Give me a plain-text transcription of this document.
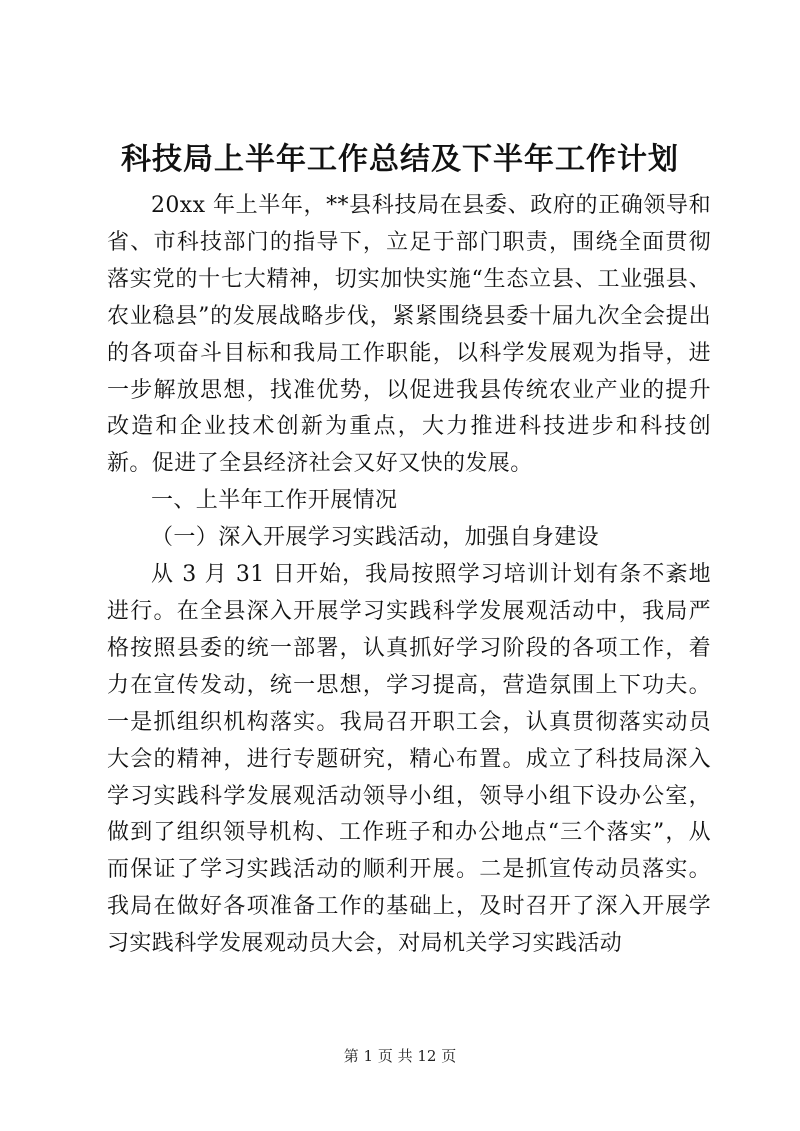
科技局上半年工作总结及下半年工作计划

20xx 年上半年，**县科技局在县委、政府的正确领导和省、市科技部门的指导下，立足于部门职责，围绕全面贯彻落实党的十七大精神，切实加快实施“生态立县、工业强县、农业稳县”的发展战略步伐，紧紧围绕县委十届九次全会提出的各项奋斗目标和我局工作职能，以科学发展观为指导，进一步解放思想，找准优势，以促进我县传统农业产业的提升改造和企业技术创新为重点，大力推进科技进步和科技创新。促进了全县经济社会又好又快的发展。

一、上半年工作开展情况

（一）深入开展学习实践活动，加强自身建设

从 3 月 31 日开始，我局按照学习培训计划有条不紊地进行。在全县深入开展学习实践科学发展观活动中，我局严格按照县委的统一部署，认真抓好学习阶段的各项工作，着力在宣传发动，统一思想，学习提高，营造氛围上下功夫。一是抓组织机构落实。我局召开职工会，认真贯彻落实动员大会的精神，进行专题研究，精心布置。成立了科技局深入学习实践科学发展观活动领导小组，领导小组下设办公室，做到了组织领导机构、工作班子和办公地点“三个落实”，从而保证了学习实践活动的顺利开展。二是抓宣传动员落实。我局在做好各项准备工作的基础上，及时召开了深入开展学习实践科学发展观动员大会，对局机关学习实践活动

第 1 页 共 12 页
